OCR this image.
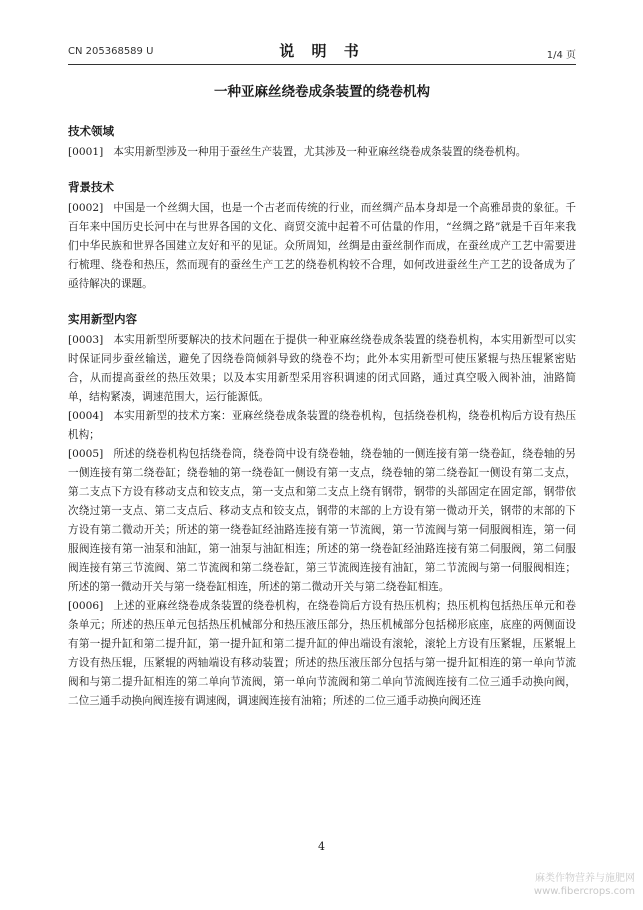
CN 205368589 U	说 明 书	1/4 页
一种亚麻丝绕卷成条装置的绕卷机构
技术领域

[0001] 本实用新型涉及一种用于蚕丝生产装置，尤其涉及一种亚麻丝绕卷成条装置的绕卷机构。

背景技术

[0002] 中国是一个丝绸大国，也是一个古老而传统的行业，而丝绸产品本身却是一个高雅昂贵的象征。千百年来中国历史长河中在与世界各国的文化、商贸交流中起着不可估量的作用，“丝绸之路”就是千百年来我们中华民族和世界各国建立友好和平的见证。众所周知，丝绸是由蚕丝制作而成，在蚕丝成产工艺中需要进行梳理、绕卷和热压，然而现有的蚕丝生产工艺的绕卷机构较不合理，如何改进蚕丝生产工艺的设备成为了亟待解决的课题。

实用新型内容

[0003] 本实用新型所要解决的技术问题在于提供一种亚麻丝绕卷成条装置的绕卷机构，本实用新型可以实时保证同步蚕丝输送，避免了因绕卷筒倾斜导致的绕卷不均；此外本实用新型可使压紧辊与热压辊紧密贴合，从而提高蚕丝的热压效果；以及本实用新型采用容积调速的闭式回路，通过真空吸入阀补油，油路简单，结构紧凑，调速范围大，运行能源低。

[0004] 本实用新型的技术方案：亚麻丝绕卷成条装置的绕卷机构，包括绕卷机构，绕卷机构后方设有热压机构；

[0005] 所述的绕卷机构包括绕卷筒，绕卷筒中设有绕卷轴，绕卷轴的一侧连接有第一绕卷缸，绕卷轴的另一侧连接有第二绕卷缸；绕卷轴的第一绕卷缸一侧设有第一支点，绕卷轴的第二绕卷缸一侧设有第二支点，第二支点下方设有移动支点和铰支点，第一支点和第二支点上绕有钢带，钢带的头部固定在固定部，钢带依次绕过第一支点、第二支点后、移动支点和铰支点，钢带的末部的上方设有第一微动开关，钢带的末部的下方设有第二微动开关；所述的第一绕卷缸经油路连接有第一节流阀，第一节流阀与第一伺服阀相连，第一伺服阀连接有第一油泵和油缸，第一油泵与油缸相连；所述的第一绕卷缸经油路连接有第二伺服阀，第二伺服阀连接有第三节流阀、第二节流阀和第二绕卷缸，第三节流阀连接有油缸，第二节流阀与第一伺服阀相连；所述的第一微动开关与第一绕卷缸相连，所述的第二微动开关与第二绕卷缸相连。

[0006] 上述的亚麻丝绕卷成条装置的绕卷机构，在绕卷筒后方设有热压机构；热压机构包括热压单元和卷条单元；所述的热压单元包括热压机械部分和热压液压部分，热压机械部分包括梯形底座，底座的两侧面设有第一提升缸和第二提升缸，第一提升缸和第二提升缸的伸出端设有滚轮，滚轮上方设有压紧辊，压紧辊上方设有热压辊，压紧辊的两轴端设有移动装置；所述的热压液压部分包括与第一提升缸相连的第一单向节流阀和与第二提升缸相连的第二单向节流阀，第一单向节流阀和第二单向节流阀连接有二位三通手动换向阀，二位三通手动换向阀连接有调速阀，调速阀连接有油箱；所述的二位三通手动换向阀还连

4
麻类作物营养与施肥网
www.fibercrops.com
